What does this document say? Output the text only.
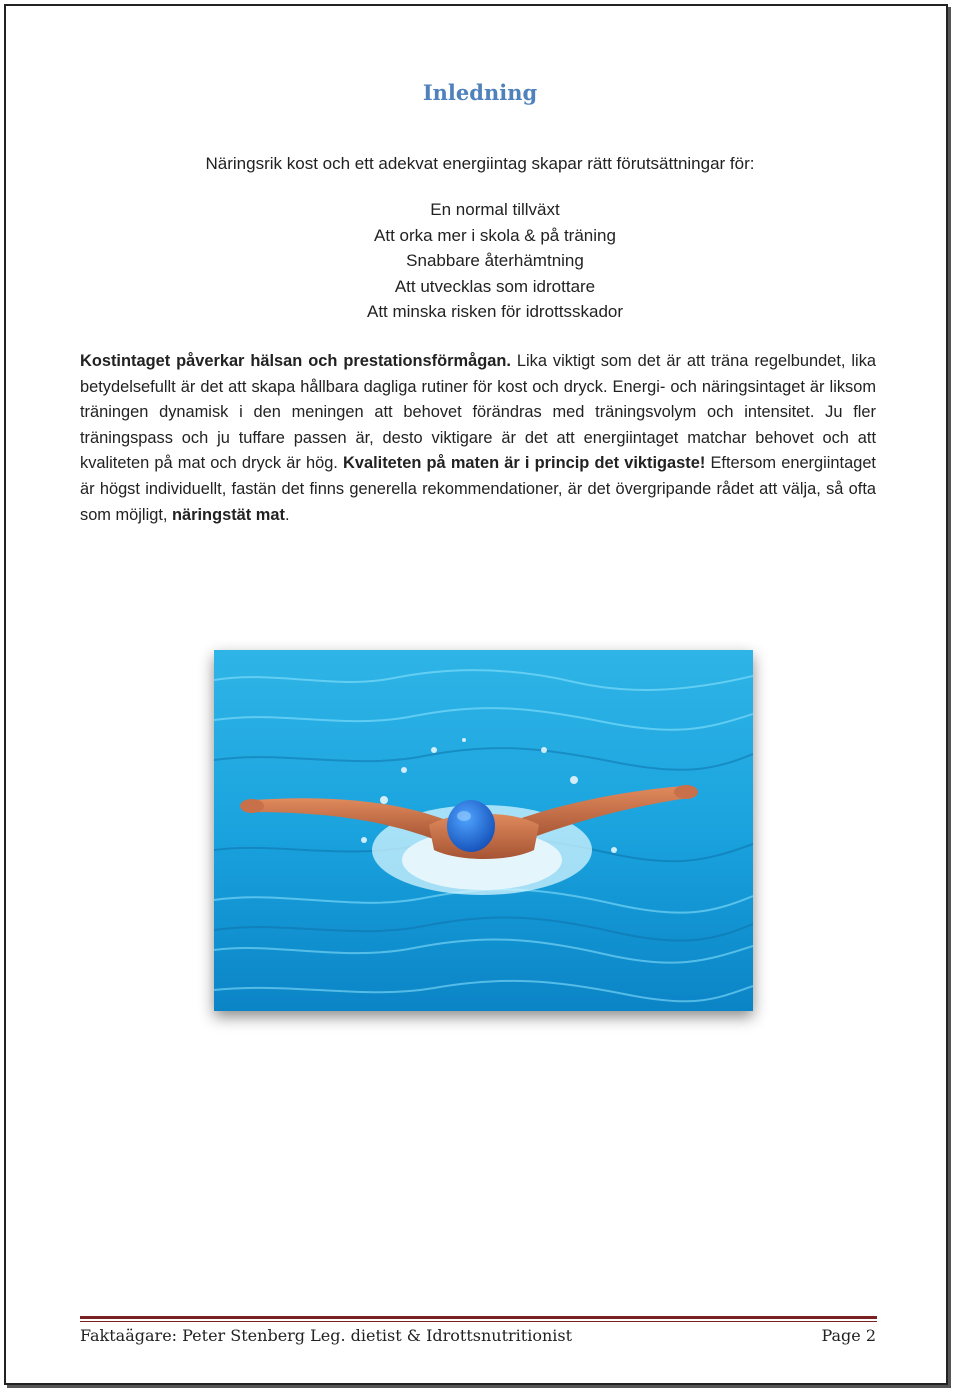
Inledning
Näringsrik kost och ett adekvat energiintag skapar rätt förutsättningar för:
En normal tillväxt
Att orka mer i skola & på träning
Snabbare återhämtning
Att utvecklas som idrottare
Att minska risken för idrottsskador

Kostintaget påverkar hälsan och prestationsförmågan. Lika viktigt som det är att träna regelbundet, lika betydelsefullt är det att skapa hållbara dagliga rutiner för kost och dryck. Energi- och näringsintaget är liksom träningen dynamisk i den meningen att behovet förändras med träningsvolym och intensitet. Ju fler träningspass och ju tuffare passen är, desto viktigare är det att energiintaget matchar behovet och att kvaliteten på mat och dryck är hög. Kvaliteten på maten är i princip det viktigaste! Eftersom energiintaget är högst individuellt, fastän det finns generella rekommendationer, är det övergripande rådet att välja, så ofta som möjligt, näringstät mat.

Faktaägare: Peter Stenberg Leg. dietist & Idrottsnutritionist	Page 2
